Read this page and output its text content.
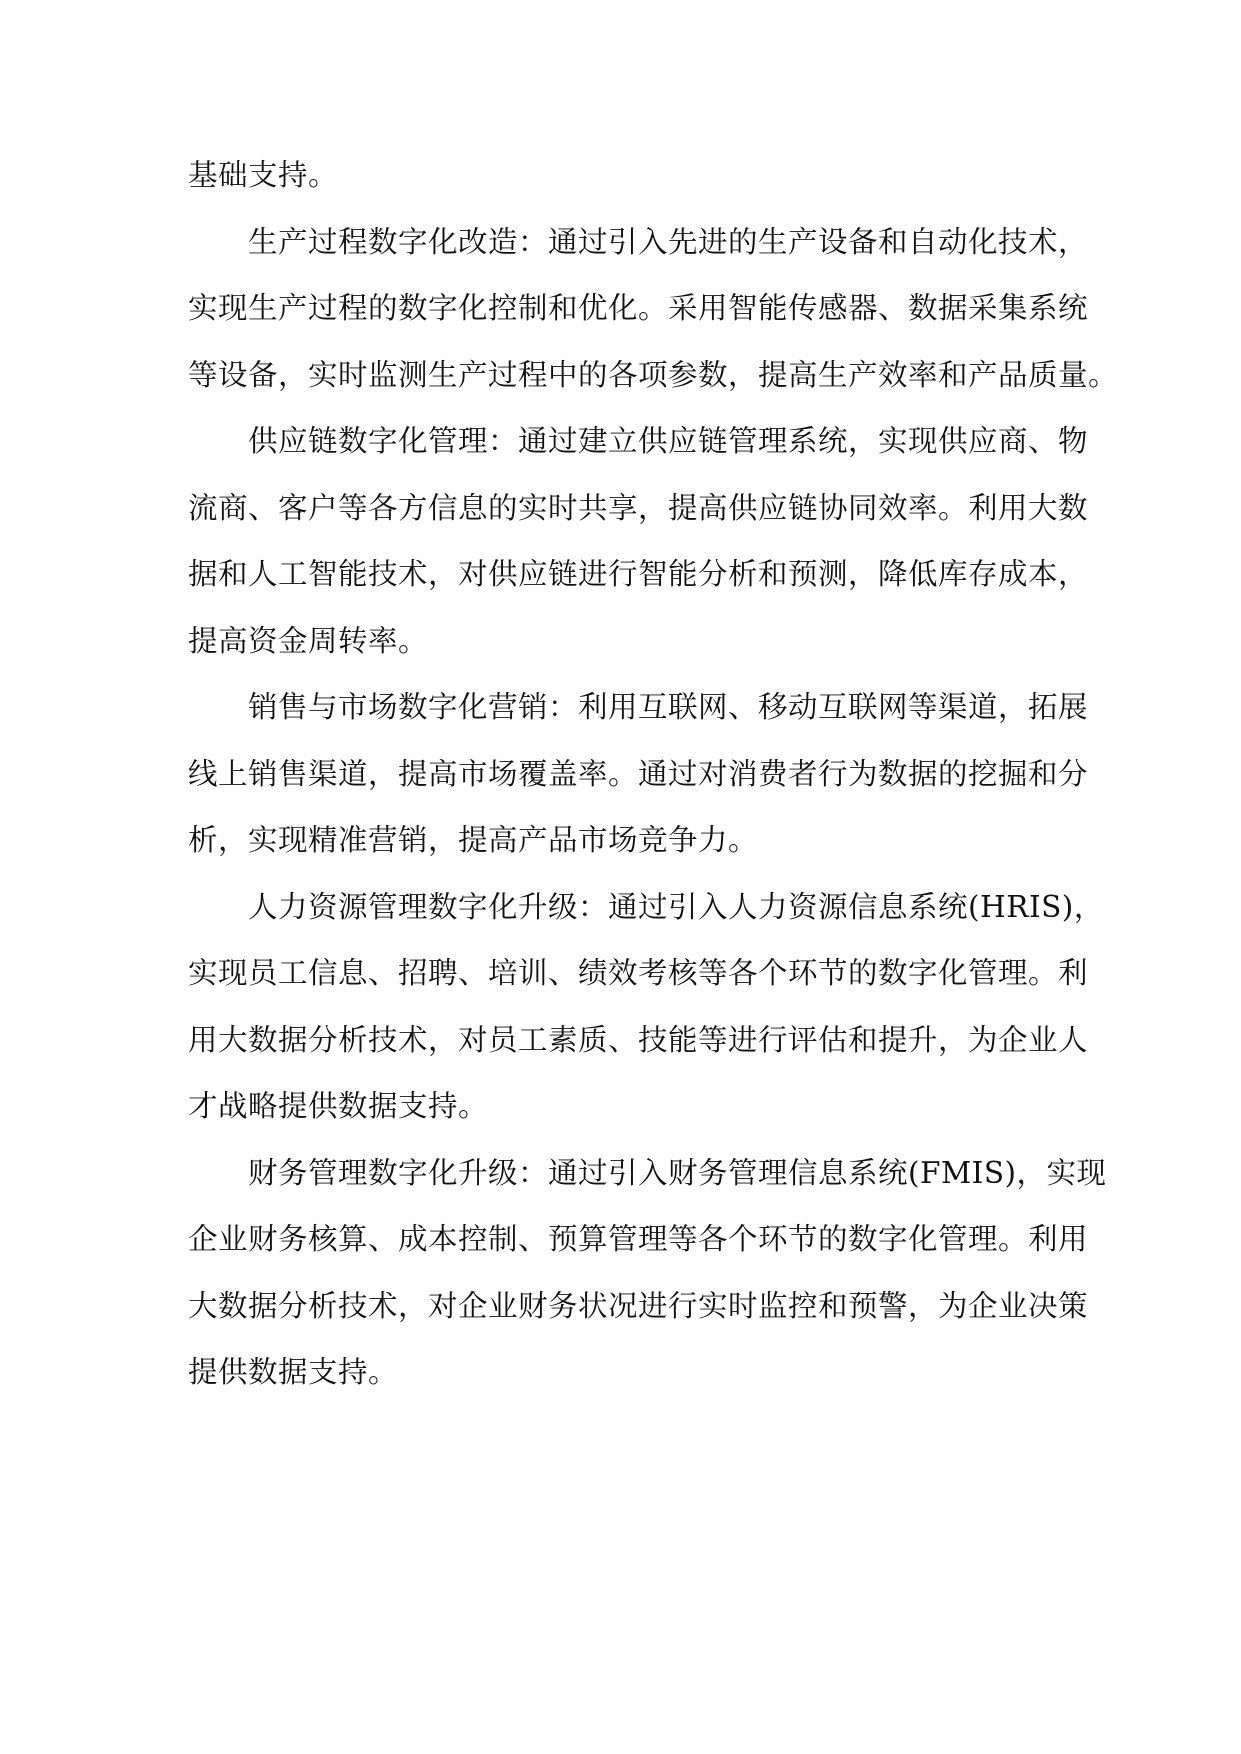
基础支持。

生产过程数字化改造：通过引入先进的生产设备和自动化技术，
实现生产过程的数字化控制和优化。采用智能传感器、数据采集系统
等设备，实时监测生产过程中的各项参数，提高生产效率和产品质量。

供应链数字化管理：通过建立供应链管理系统，实现供应商、物
流商、客户等各方信息的实时共享，提高供应链协同效率。利用大数
据和人工智能技术，对供应链进行智能分析和预测，降低库存成本，
提高资金周转率。

销售与市场数字化营销：利用互联网、移动互联网等渠道，拓展
线上销售渠道，提高市场覆盖率。通过对消费者行为数据的挖掘和分
析，实现精准营销，提高产品市场竞争力。

人力资源管理数字化升级：通过引入人力资源信息系统(HRIS)，
实现员工信息、招聘、培训、绩效考核等各个环节的数字化管理。利
用大数据分析技术，对员工素质、技能等进行评估和提升，为企业人
才战略提供数据支持。

财务管理数字化升级：通过引入财务管理信息系统(FMIS)，实现
企业财务核算、成本控制、预算管理等各个环节的数字化管理。利用
大数据分析技术，对企业财务状况进行实时监控和预警，为企业决策
提供数据支持。
